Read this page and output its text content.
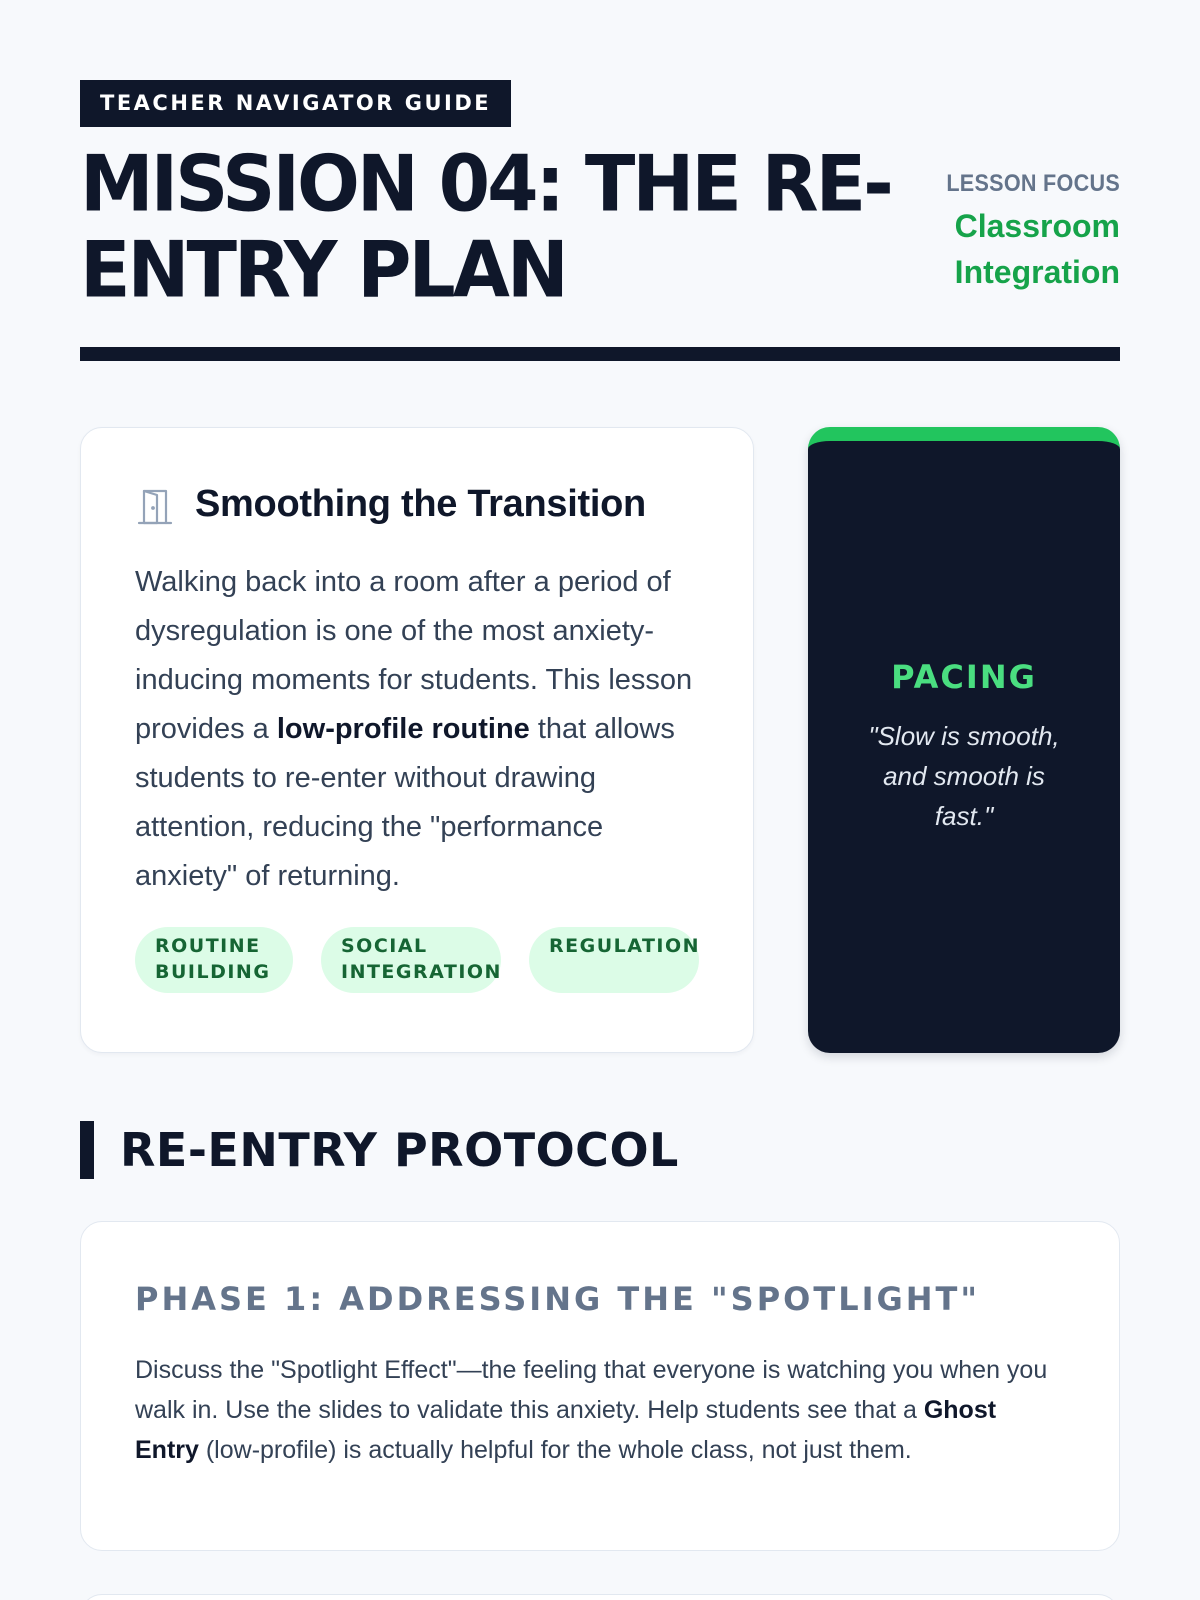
TEACHER NAVIGATOR GUIDE
MISSION 04: THE RE-ENTRY PLAN
LESSON FOCUS
Classroom Integration
Smoothing the Transition

Walking back into a room after a period of dysregulation is one of the most anxiety-inducing moments for students. This lesson provides a low-profile routine that allows students to re-enter without drawing attention, reducing the "performance anxiety" of returning.

ROUTINE BUILDING
SOCIAL INTEGRATION
REGULATION
PACING
"Slow is smooth, and smooth is fast."
RE-ENTRY PROTOCOL
PHASE 1: ADDRESSING THE "SPOTLIGHT"

Discuss the "Spotlight Effect"—the feeling that everyone is watching you when you walk in. Use the slides to validate this anxiety. Help students see that a Ghost Entry (low-profile) is actually helpful for the whole class, not just them.
